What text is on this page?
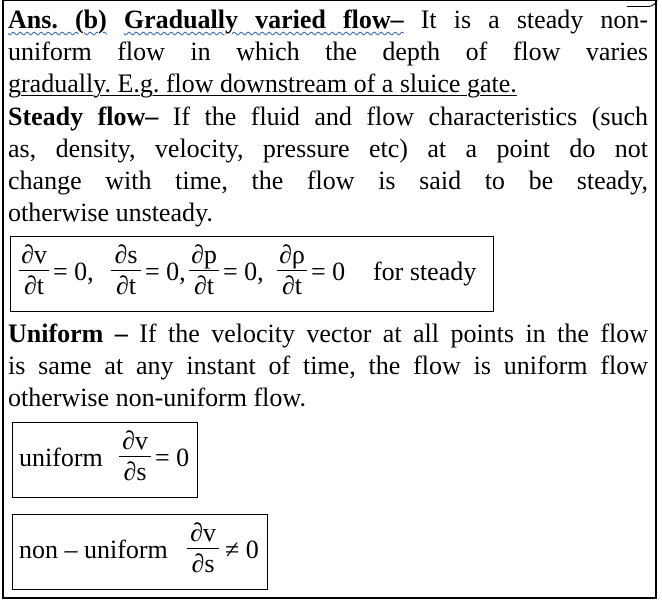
Ans. (b) Gradually varied flow– It is a steady non-
uniform flow in which the depth of flow varies
gradually. E.g. flow downstream of a sluice gate.
Steady flow– If the fluid and flow characteristics (such
as, density, velocity, pressure etc) at a point do not
change with time, the flow is said to be steady,
otherwise unsteady.
∂v
∂t = 0,
∂s
∂t = 0,
∂p
∂t = 0,
∂ρ
∂t = 0 for steady
Uniform – If the velocity vector at all points in the flow
is same at any instant of time, the flow is uniform flow
otherwise non-uniform flow.
uniform
∂v
∂s = 0
non – uniform
∂v
∂s ≠ 0
